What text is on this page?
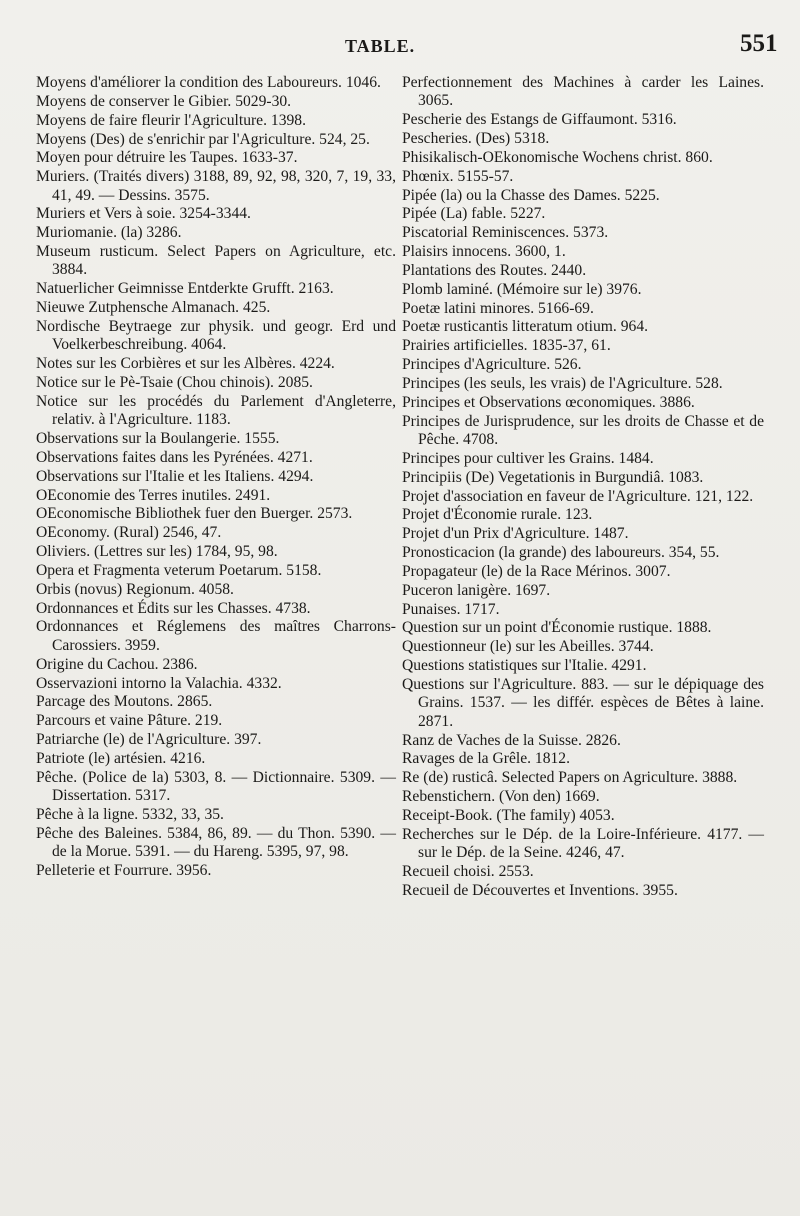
TABLE.	551

Moyens d'améliorer la condition des Laboureurs. 1046.

Moyens de conserver le Gibier. 5029-30.

Moyens de faire fleurir l'Agriculture. 1398.

Moyens (Des) de s'enrichir par l'Agriculture. 524, 25.

Moyen pour détruire les Taupes. 1633-37.

Muriers. (Traités divers) 3188, 89, 92, 98, 320, 7, 19, 33, 41, 49. — Dessins. 3575.

Muriers et Vers à soie. 3254-3344.

Muriomanie. (la) 3286.

Museum rusticum. Select Papers on Agriculture, etc. 3884.

Natuerlicher Geimnisse Entderkte Grufft. 2163.

Nieuwe Zutphensche Almanach. 425.

Nordische Beytraege zur physik. und geogr. Erd und Voelkerbeschreibung. 4064.

Notes sur les Corbières et sur les Albères. 4224.

Notice sur le Pè-Tsaie (Chou chinois). 2085.

Notice sur les procédés du Parlement d'Angleterre, relativ. à l'Agriculture. 1183.

Observations sur la Boulangerie. 1555.

Observations faites dans les Pyrénées. 4271.

Observations sur l'Italie et les Italiens. 4294.

OEconomie des Terres inutiles. 2491.

OEconomische Bibliothek fuer den Buerger. 2573.

OEconomy. (Rural) 2546, 47.

Oliviers. (Lettres sur les) 1784, 95, 98.

Opera et Fragmenta veterum Poetarum. 5158.

Orbis (novus) Regionum. 4058.

Ordonnances et Édits sur les Chasses. 4738.

Ordonnances et Réglemens des maîtres Charrons-Carossiers. 3959.

Origine du Cachou. 2386.

Osservazioni intorno la Valachia. 4332.

Parcage des Moutons. 2865.

Parcours et vaine Pâture. 219.

Patriarche (le) de l'Agriculture. 397.

Patriote (le) artésien. 4216.

Pêche. (Police de la) 5303, 8. — Dictionnaire. 5309. — Dissertation. 5317.

Pêche à la ligne. 5332, 33, 35.

Pêche des Baleines. 5384, 86, 89. — du Thon. 5390. — de la Morue. 5391. — du Hareng. 5395, 97, 98.

Pelleterie et Fourrure. 3956.

Perfectionnement des Machines à carder les Laines. 3065.

Pescherie des Estangs de Giffaumont. 5316.

Pescheries. (Des) 5318.

Phisikalisch-OEkonomische Wochens christ. 860.

Phœnix. 5155-57.

Pipée (la) ou la Chasse des Dames. 5225.

Pipée (La) fable. 5227.

Piscatorial Reminiscences. 5373.

Plaisirs innocens. 3600, 1.

Plantations des Routes. 2440.

Plomb laminé. (Mémoire sur le) 3976.

Poetæ latini minores. 5166-69.

Poetæ rusticantis litteratum otium. 964.

Prairies artificielles. 1835-37, 61.

Principes d'Agriculture. 526.

Principes (les seuls, les vrais) de l'Agriculture. 528.

Principes et Observations œconomiques. 3886.

Principes de Jurisprudence, sur les droits de Chasse et de Pêche. 4708.

Principes pour cultiver les Grains. 1484.

Principiis (De) Vegetationis in Burgundiâ. 1083.

Projet d'association en faveur de l'Agriculture. 121, 122.

Projet d'Économie rurale. 123.

Projet d'un Prix d'Agriculture. 1487.

Pronosticacion (la grande) des laboureurs. 354, 55.

Propagateur (le) de la Race Mérinos. 3007.

Puceron lanigère. 1697.

Punaises. 1717.

Question sur un point d'Économie rustique. 1888.

Questionneur (le) sur les Abeilles. 3744.

Questions statistiques sur l'Italie. 4291.

Questions sur l'Agriculture. 883. — sur le dépiquage des Grains. 1537. — les différ. espèces de Bêtes à laine. 2871.

Ranz de Vaches de la Suisse. 2826.

Ravages de la Grêle. 1812.

Re (de) rusticâ. Selected Papers on Agriculture. 3888.

Rebenstichern. (Von den) 1669.

Receipt-Book. (The family) 4053.

Recherches sur le Dép. de la Loire-Inférieure. 4177. — sur le Dép. de la Seine. 4246, 47.

Recueil choisi. 2553.

Recueil de Découvertes et Inventions. 3955.
